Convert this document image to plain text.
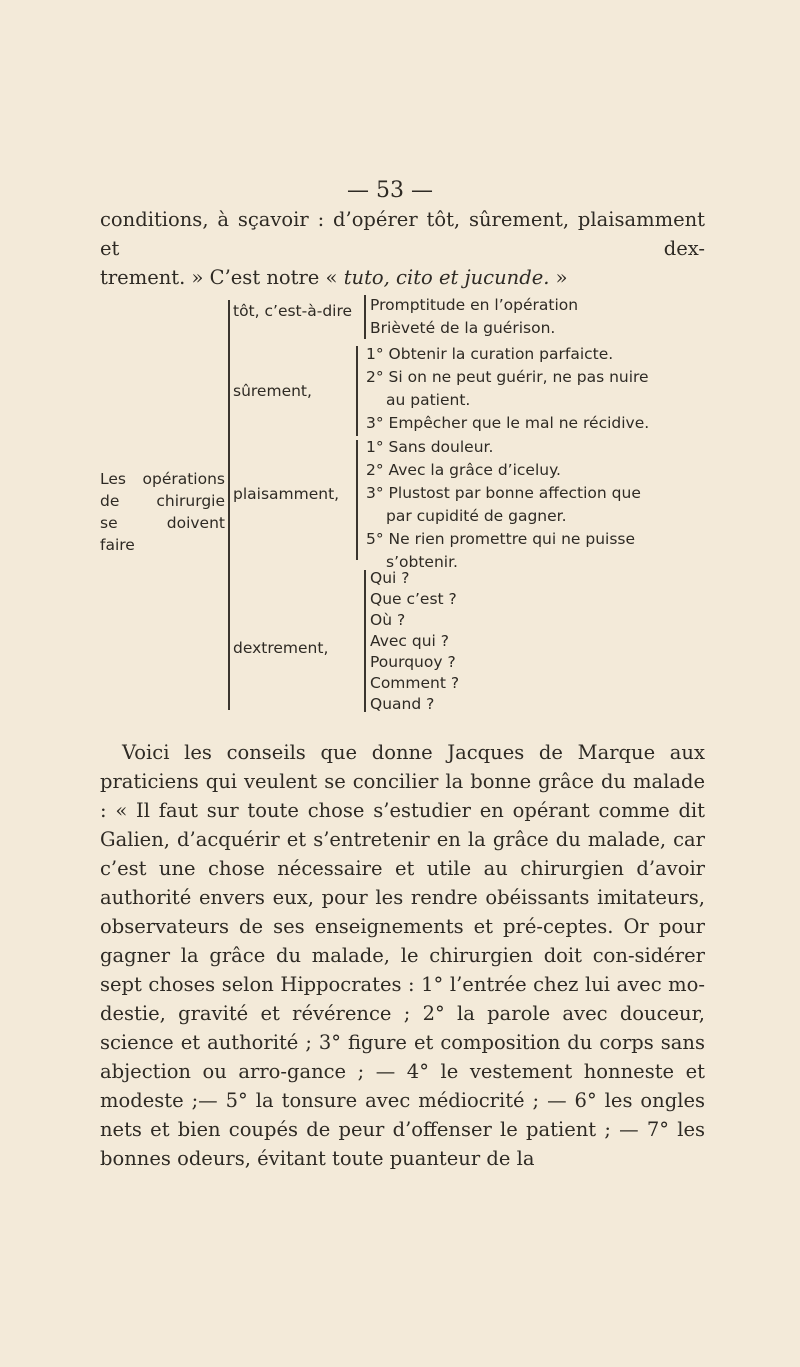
— 53 —

conditions, à sçavoir : d’opérer tôt, sûrement, plaisamment et dex-

trement. » C’est notre « tuto, cito et jucunde. »

Les opérations
de chirurgie
se doivent
faire
tôt, c’est-à-dire Promptitude en l’opération
Brièveté de la guérison.
sûrement,
1° Obtenir la curation parfaicte.
2° Si on ne peut guérir, ne pas nuire
au patient.
3° Empêcher que le mal ne récidive.
plaisamment,
1° Sans douleur.
2° Avec la grâce d’iceluy.
3° Plustost par bonne affection que
par cupidité de gagner.
5° Ne rien promettre qui ne puisse
s’obtenir.
dextrement,
Qui ?
Que c’est ?
Où ?
Avec qui ?
Pourquoy ?
Comment ?
Quand ?

Voici les conseils que donne Jacques de Marque aux praticiens qui veulent se concilier la bonne grâce du malade : « Il faut sur toute chose s’estudier en opérant comme dit Galien, d’acquérir et s’entretenir en la grâce du malade, car c’est une chose nécessaire et utile au chirurgien d’avoir authorité envers eux, pour les rendre obéissants imitateurs, observateurs de ses enseignements et pré-ceptes. Or pour gagner la grâce du malade, le chirurgien doit con-sidérer sept choses selon Hippocrates : 1° l’entrée chez lui avec mo-destie, gravité et révérence ; 2° la parole avec douceur, science et authorité ; 3° figure et composition du corps sans abjection ou arro-gance ; — 4° le vestement honneste et modeste ;— 5° la tonsure avec médiocrité ; — 6° les ongles nets et bien coupés de peur d’offenser le patient ; — 7° les bonnes odeurs, évitant toute puanteur de la
